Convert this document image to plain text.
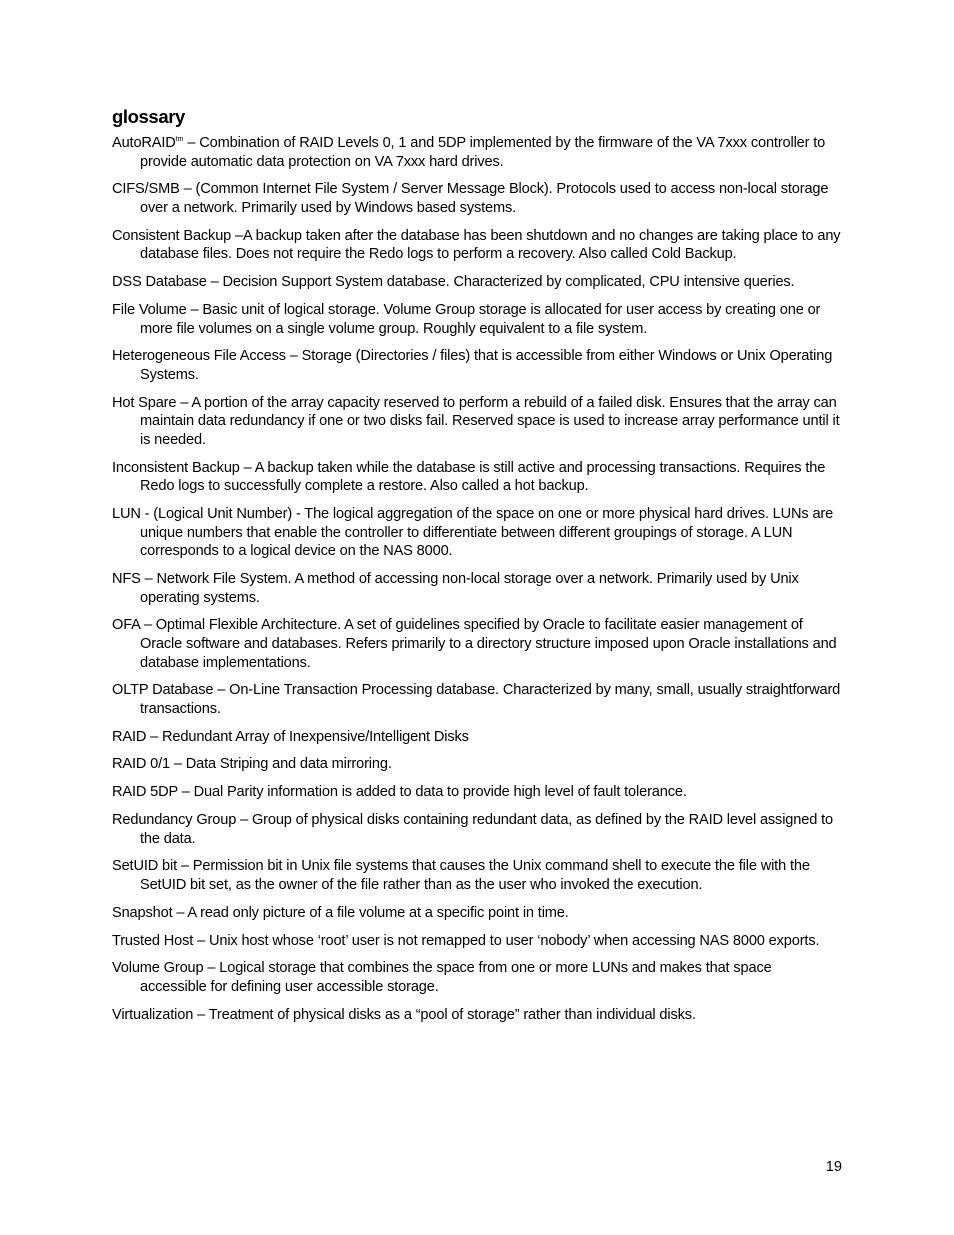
glossary
AutoRAID$^{tm}$ – Combination of RAID Levels 0, 1 and 5DP implemented by the firmware of the VA 7xxx controller to provide automatic data protection on VA 7xxx hard drives.
CIFS/SMB – (Common Internet File System / Server Message Block). Protocols used to access non-local storage over a network. Primarily used by Windows based systems.
Consistent Backup –A backup taken after the database has been shutdown and no changes are taking place to any database files. Does not require the Redo logs to perform a recovery. Also called Cold Backup.
DSS Database – Decision Support System database. Characterized by complicated, CPU intensive queries.
File Volume – Basic unit of logical storage. Volume Group storage is allocated for user access by creating one or more file volumes on a single volume group. Roughly equivalent to a file system.
Heterogeneous File Access – Storage (Directories / files) that is accessible from either Windows or Unix Operating Systems.
Hot Spare – A portion of the array capacity reserved to perform a rebuild of a failed disk. Ensures that the array can maintain data redundancy if one or two disks fail. Reserved space is used to increase array performance until it is needed.
Inconsistent Backup – A backup taken while the database is still active and processing transactions. Requires the Redo logs to successfully complete a restore. Also called a hot backup.
LUN - (Logical Unit Number) - The logical aggregation of the space on one or more physical hard drives. LUNs are unique numbers that enable the controller to differentiate between different groupings of storage. A LUN corresponds to a logical device on the NAS 8000.
NFS – Network File System. A method of accessing non-local storage over a network. Primarily used by Unix operating systems.
OFA – Optimal Flexible Architecture. A set of guidelines specified by Oracle to facilitate easier management of Oracle software and databases. Refers primarily to a directory structure imposed upon Oracle installations and database implementations.
OLTP Database – On-Line Transaction Processing database. Characterized by many, small, usually straightforward transactions.
RAID – Redundant Array of Inexpensive/Intelligent Disks
RAID 0/1 – Data Striping and data mirroring.
RAID 5DP – Dual Parity information is added to data to provide high level of fault tolerance.
Redundancy Group – Group of physical disks containing redundant data, as defined by the RAID level assigned to the data.
SetUID bit – Permission bit in Unix file systems that causes the Unix command shell to execute the file with the SetUID bit set, as the owner of the file rather than as the user who invoked the execution.
Snapshot – A read only picture of a file volume at a specific point in time.
Trusted Host – Unix host whose ‘root’ user is not remapped to user ‘nobody’ when accessing NAS 8000 exports.
Volume Group – Logical storage that combines the space from one or more LUNs and makes that space accessible for defining user accessible storage.
Virtualization – Treatment of physical disks as a “pool of storage” rather than individual disks.
19
